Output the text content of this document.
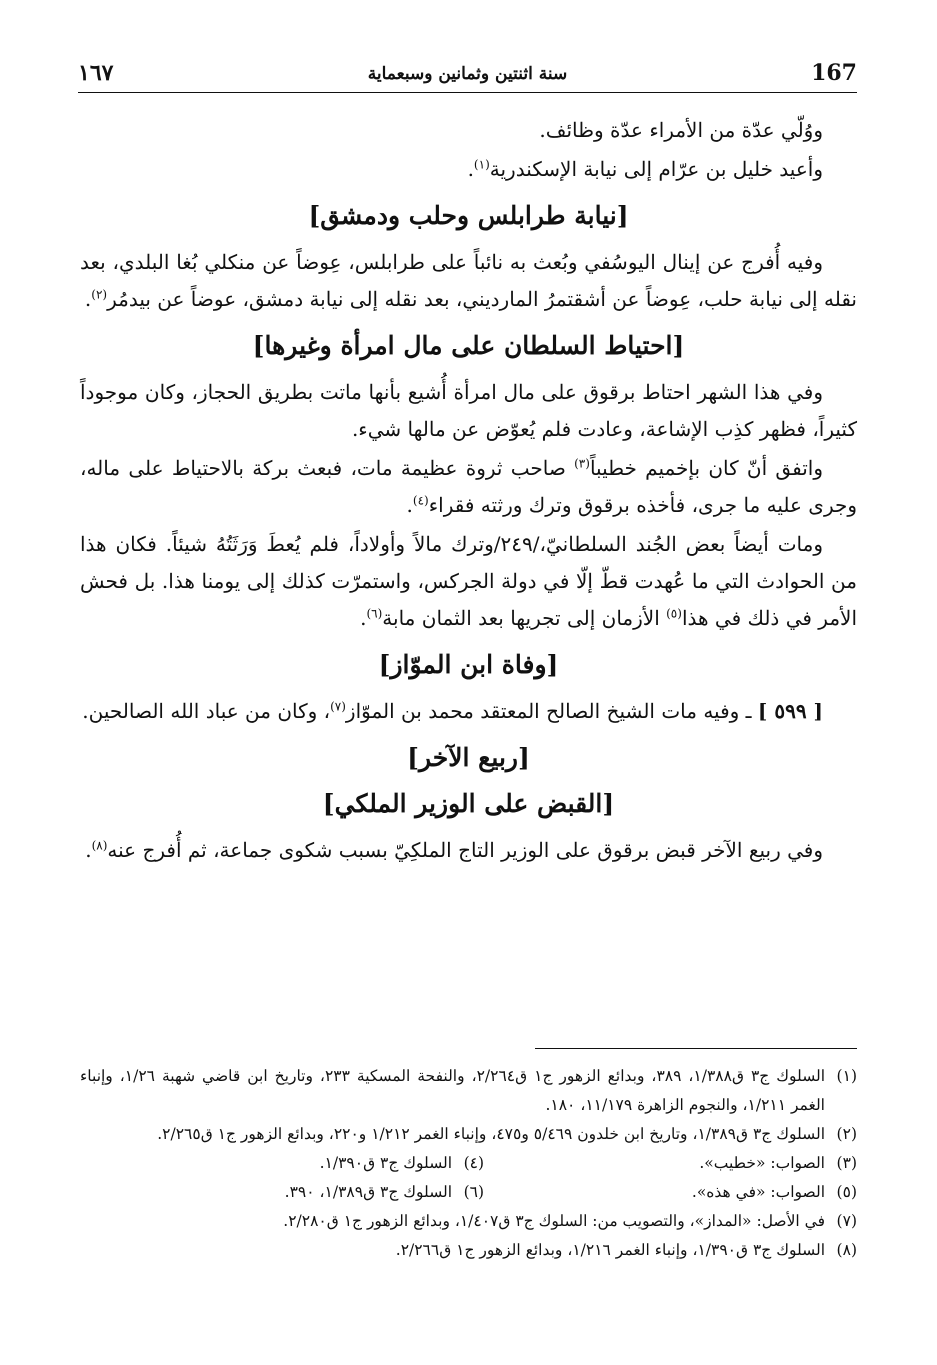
١٦٧	سنة اثنتين وثمانين وسبعماية	167

ووُلّي عدّة من الأمراء عدّة وظائف.

وأعيد خليل بن عرّام إلى نيابة الإسكندرية$^{(١)}$.

[نيابة طرابلس وحلب ودمشق]

وفيه أُفرج عن إينال اليوسُفي وبُعث به نائباً على طرابلس، عِوضاً عن منكلي بُغا البلدي، بعد نقله إلى نيابة حلب، عِوضاً عن أشقتمرُ المارديني، بعد نقله إلى نيابة دمشق، عوضاً عن بيدمُر$^{(٢)}$.

[احتياط السلطان على مال امرأة وغيرها]

وفي هذا الشهر احتاط برقوق على مال امرأة أُشيع بأنها ماتت بطريق الحجاز، وكان موجوداً كثيراً، فظهر كذِب الإشاعة، وعادت فلم يُعوّض عن مالها شيء.

واتفق أنّ كان بإخميم خطيباً$^{(٣)}$ صاحب ثروة عظيمة مات، فبعث بركة بالاحتياط على ماله، وجرى عليه ما جرى، فأخذه برقوق وترك ورثته فقراء$^{(٤)}$.

ومات أيضاً بعض الجُند السلطانيّ،/٢٤٩/وترك مالاً وأولاداً، فلم يُعطَ وَرَثَتُهُ شيئاً. فكان هذا من الحوادث التي ما عُهدت قطّ إلّا في دولة الجركس، واستمرّت كذلك إلى يومنا هذا. بل فحش الأمر في ذلك في هذا$^{(٥)}$ الأزمان إلى تجريها بعد الثمان مابة$^{(٦)}$.

[وفاة ابن الموّاز]

[ ٥٩٩ ] ـ وفيه مات الشيخ الصالح المعتقد محمد بن الموّاز$^{(٧)}$، وكان من عباد الله الصالحين.

[ربيع الآخر]
[القبض على الوزير الملكي]

وفي ربيع الآخر قبض برقوق على الوزير التاج الملكِيّ بسبب شكوى جماعة، ثم أُفرج عنه$^{(٨)}$.

(١)
السلوك ج٣ ق١/٣٨٨، ٣٨٩، وبدائع الزهور ج١ ق٢/٢٦٤، والنفحة المسكية ٢٣٣، وتاريخ ابن قاضي شهبة ١/٢٦، وإنباء الغمر ١/٢١١، والنجوم الزاهرة ١١/١٧٩، ١٨٠.
(٢)
السلوك ج٣ ق١/٣٨٩، وتاريخ ابن خلدون ٥/٤٦٩ و٤٧٥، وإنباء الغمر ١/٢١٢ و٢٢٠، وبدائع الزهور ج١ ق٢/٢٦٥.
(٣)
الصواب: «خطيب».
(٤)
السلوك ج٣ ق١/٣٩٠.
(٥)
الصواب: «في هذه».
(٦)
السلوك ج٣ ق١/٣٨٩، ٣٩٠.
(٧)
في الأصل: «المداز»، والتصويب من: السلوك ج٣ ق١/٤٠٧، وبدائع الزهور ج١ ق٢/٢٨٠.
(٨)
السلوك ج٣ ق١/٣٩٠، وإنباء الغمر ١/٢١٦، وبدائع الزهور ج١ ق٢/٢٦٦.
